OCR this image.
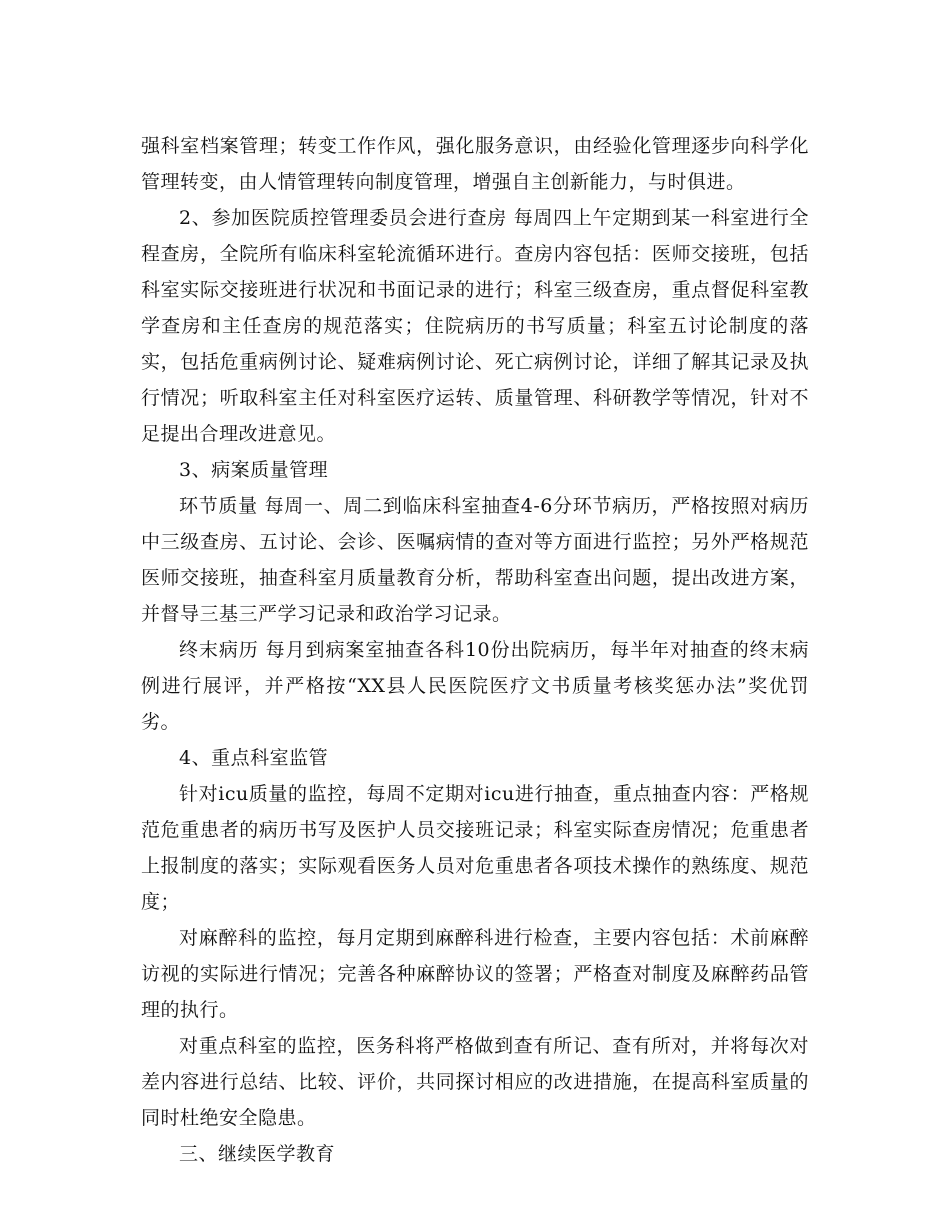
强科室档案管理；转变工作作风，强化服务意识，由经验化管理逐步向科学化管理转变，由人情管理转向制度管理，增强自主创新能力，与时俱进。

2、参加医院质控管理委员会进行查房 每周四上午定期到某一科室进行全程查房，全院所有临床科室轮流循环进行。查房内容包括：医师交接班，包括科室实际交接班进行状况和书面记录的进行；科室三级查房，重点督促科室教学查房和主任查房的规范落实；住院病历的书写质量；科室五讨论制度的落实，包括危重病例讨论、疑难病例讨论、死亡病例讨论，详细了解其记录及执行情况；听取科室主任对科室医疗运转、质量管理、科研教学等情况，针对不足提出合理改进意见。

3、病案质量管理

环节质量 每周一、周二到临床科室抽查4-6分环节病历，严格按照对病历中三级查房、五讨论、会诊、医嘱病情的查对等方面进行监控；另外严格规范医师交接班，抽查科室月质量教育分析，帮助科室查出问题，提出改进方案，并督导三基三严学习记录和政治学习记录。

终末病历 每月到病案室抽查各科10份出院病历，每半年对抽查的终末病例进行展评，并严格按“XX县人民医院医疗文书质量考核奖惩办法”奖优罚劣。

4、重点科室监管

针对icu质量的监控，每周不定期对icu进行抽查，重点抽查内容：严格规范危重患者的病历书写及医护人员交接班记录；科室实际查房情况；危重患者上报制度的落实；实际观看医务人员对危重患者各项技术操作的熟练度、规范度；

对麻醉科的监控，每月定期到麻醉科进行检查，主要内容包括：术前麻醉访视的实际进行情况；完善各种麻醉协议的签署；严格查对制度及麻醉药品管理的执行。

对重点科室的监控，医务科将严格做到查有所记、查有所对，并将每次对差内容进行总结、比较、评价，共同探讨相应的改进措施，在提高科室质量的同时杜绝安全隐患。

三、继续医学教育
